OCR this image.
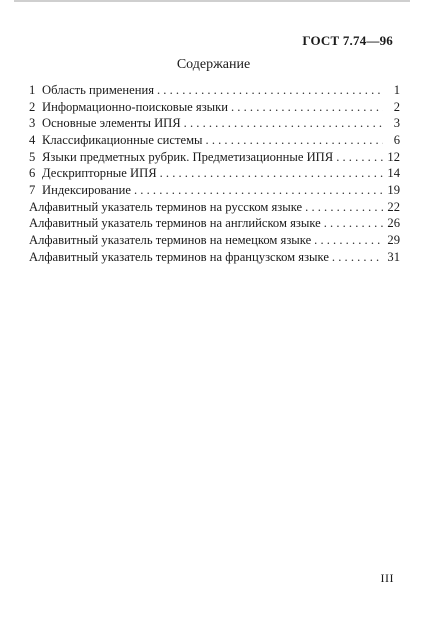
ГОСТ 7.74—96
Содержание
1 Область применения . . .	1
2 Информационно-поисковые языки . . .	2
3 Основные элементы ИПЯ . . .	3
4 Классификационные системы . . .	6
5 Языки предметных рубрик. Предметизационные ИПЯ . . .	12
6 Дескрипторные ИПЯ . . .	14
7 Индексирование . . .	19
Алфавитный указатель терминов на русском языке . . .	22
Алфавитный указатель терминов на английском языке . . .	26
Алфавитный указатель терминов на немецком языке . . .	29
Алфавитный указатель терминов на французском языке . . .	31
III
